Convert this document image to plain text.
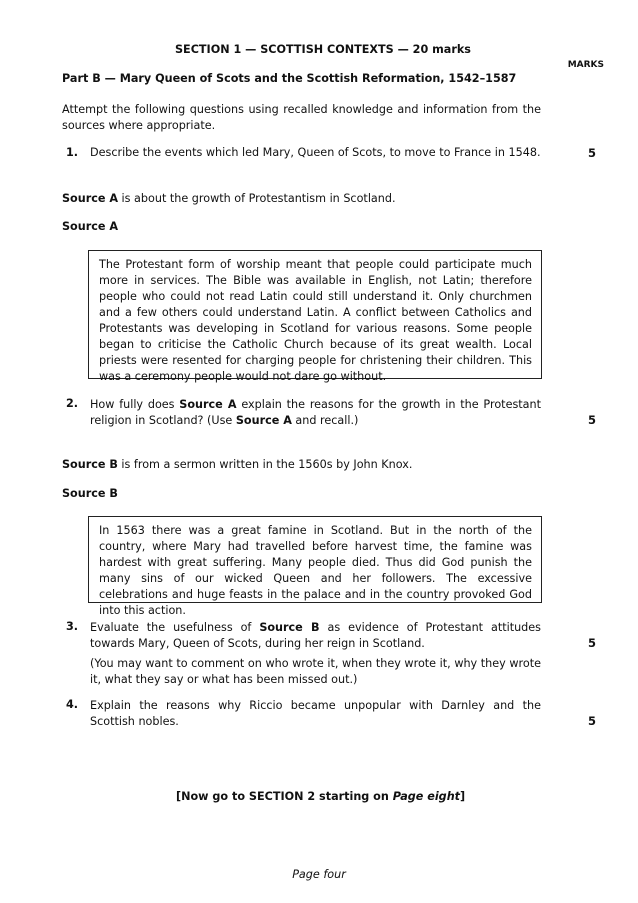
SECTION 1 — SCOTTISH CONTEXTS — 20 marks
MARKS
Part B — Mary Queen of Scots and the Scottish Reformation, 1542–1587
Attempt the following questions using recalled knowledge and information from the sources where appropriate.
1. Describe the events which led Mary, Queen of Scots, to move to France in 1548.	5
Source A is about the growth of Protestantism in Scotland.
Source A
The Protestant form of worship meant that people could participate much more in services. The Bible was available in English, not Latin; therefore people who could not read Latin could still understand it. Only churchmen and a few others could understand Latin. A conflict between Catholics and Protestants was developing in Scotland for various reasons. Some people began to criticise the Catholic Church because of its great wealth. Local priests were resented for charging people for christening their children. This was a ceremony people would not dare go without.
2. How fully does Source A explain the reasons for the growth in the Protestant religion in Scotland? (Use Source A and recall.)	5
Source B is from a sermon written in the 1560s by John Knox.
Source B
In 1563 there was a great famine in Scotland. But in the north of the country, where Mary had travelled before harvest time, the famine was hardest with great suffering. Many people died. Thus did God punish the many sins of our wicked Queen and her followers. The excessive celebrations and huge feasts in the palace and in the country provoked God into this action.
3. Evaluate the usefulness of Source B as evidence of Protestant attitudes towards Mary, Queen of Scots, during her reign in Scotland.	5
(You may want to comment on who wrote it, when they wrote it, why they wrote it, what they say or what has been missed out.)
4. Explain the reasons why Riccio became unpopular with Darnley and the Scottish nobles.	5
[Now go to SECTION 2 starting on Page eight]
Page four
